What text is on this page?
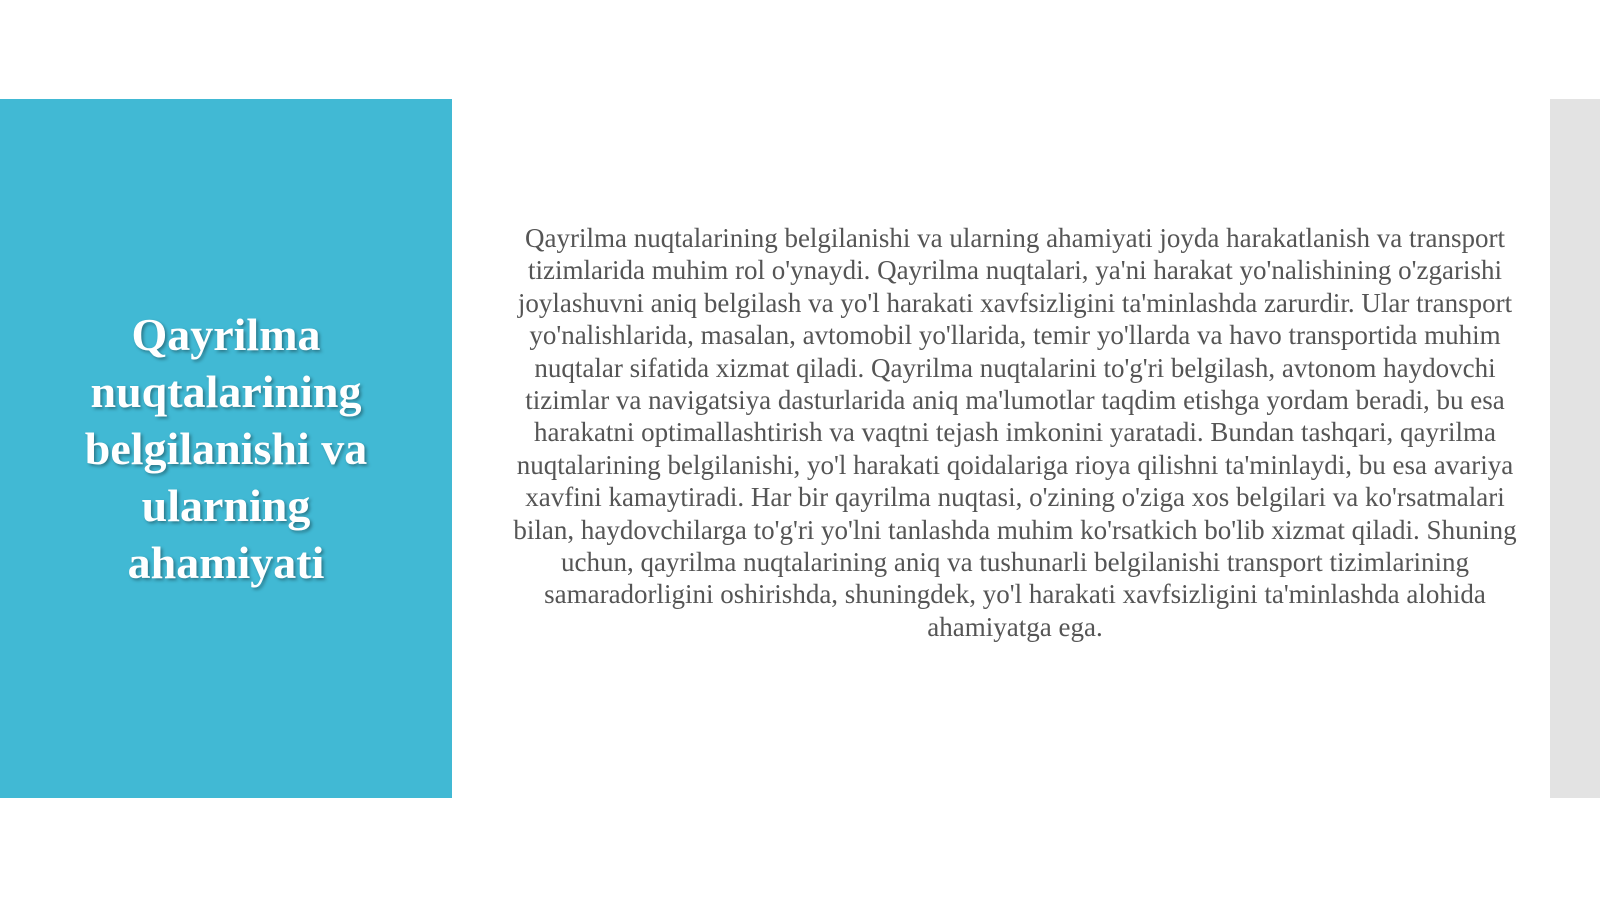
Qayrilma nuqtalarining belgilanishi va ularning ahamiyati

Qayrilma nuqtalarining belgilanishi va ularning ahamiyati joyda harakatlanish va transport tizimlarida muhim rol o'ynaydi. Qayrilma nuqtalari, ya'ni harakat yo'nalishining o'zgarishi joylashuvni aniq belgilash va yo'l harakati xavfsizligini ta'minlashda zarurdir. Ular transport yo'nalishlarida, masalan, avtomobil yo'llarida, temir yo'llarda va havo transportida muhim nuqtalar sifatida xizmat qiladi. Qayrilma nuqtalarini to'g'ri belgilash, avtonom haydovchi tizimlar va navigatsiya dasturlarida aniq ma'lumotlar taqdim etishga yordam beradi, bu esa harakatni optimallashtirish va vaqtni tejash imkonini yaratadi. Bundan tashqari, qayrilma nuqtalarining belgilanishi, yo'l harakati qoidalariga rioya qilishni ta'minlaydi, bu esa avariya xavfini kamaytiradi. Har bir qayrilma nuqtasi, o'zining o'ziga xos belgilari va ko'rsatmalari bilan, haydovchilarga to'g'ri yo'lni tanlashda muhim ko'rsatkich bo'lib xizmat qiladi. Shuning uchun, qayrilma nuqtalarining aniq va tushunarli belgilanishi transport tizimlarining samaradorligini oshirishda, shuningdek, yo'l harakati xavfsizligini ta'minlashda alohida ahamiyatga ega.
